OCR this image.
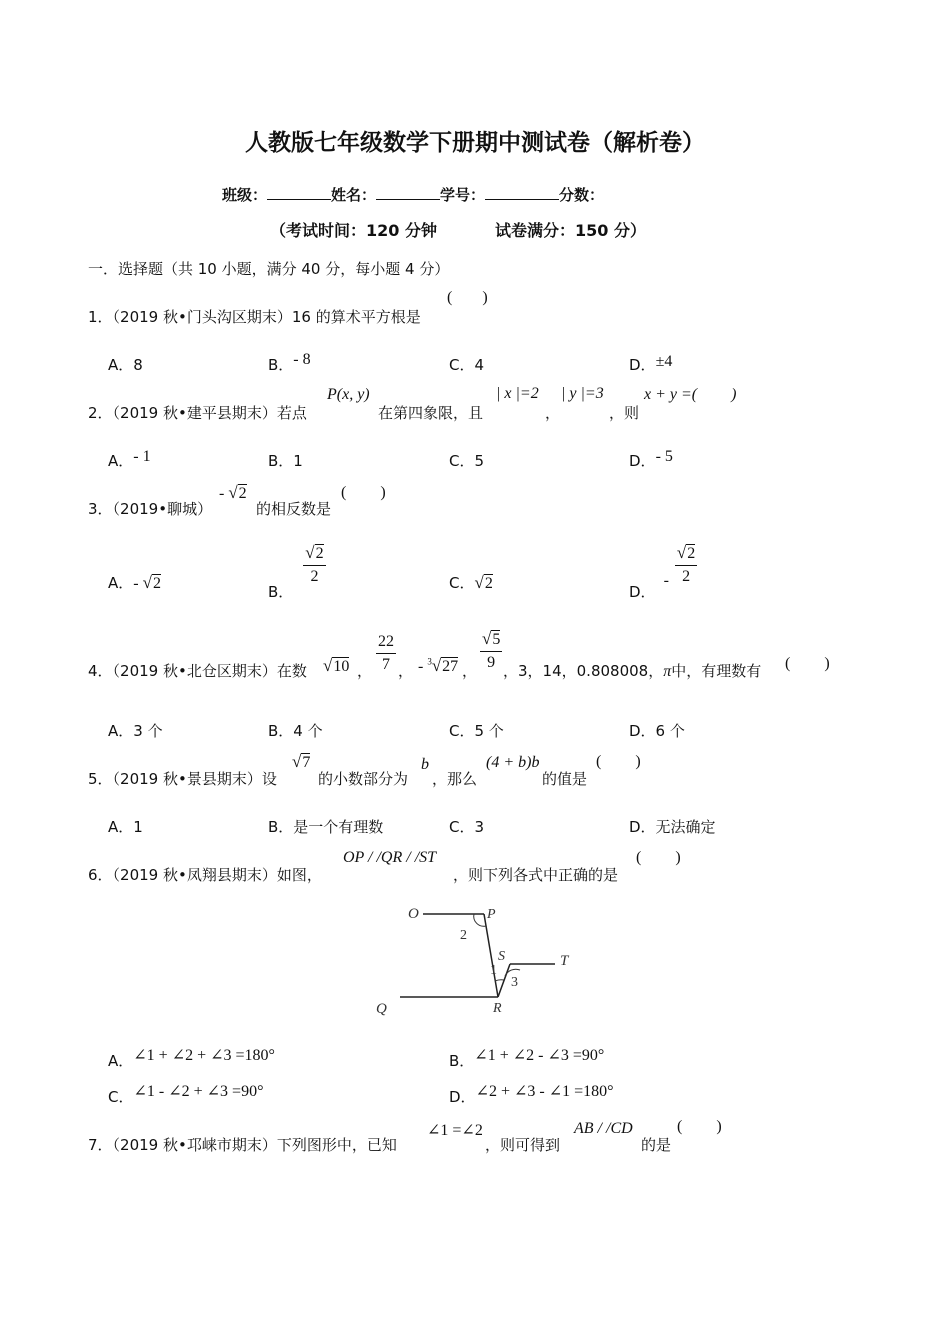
人教版七年级数学下册期中测试卷（解析卷）
班级：	姓名：	学号：	分数：
（考试时间：120 分钟	试卷满分：150 分）
一．选择题（共 10 小题，满分 40 分，每小题 4 分）
1．（2019 秋•门头沟区期末）16 的算术平方根是
( )
A．8	B．- 8	C．4	D．±4
2．（2019 秋•建平县期末）若点
P(x, y)
在第四象限，且
| x |=2
，
| y |=3
，则
x + y =( )
A．- 1	B．1	C．5	D．- 5
3．（2019•聊城）
- √2
的相反数是
( )
A．- √2	B．
$\frac{√2}{2}$	C．√2	D．- $\frac{√2}{2}$
4．（2019 秋•北仓区期末）在数 √10 ， $\frac{22}{7}$ ， - $^3$√27 ， $\frac{√5}{9}$ ，3，14，0.808008，π中，有理数有 ( )
A．3 个	B．4 个	C．5 个	D．6 个
5．（2019 秋•景县期末）设
√7
的小数部分为
b
，那么
(4 + b)b
的值是
( )
A．1	B．是一个有理数	C．3	D．无法确定
6．（2019 秋•凤翔县期末）如图，
OP / /QR / /ST
，则下列各式中正确的是
( )
O	P
2
S	T
1
3
R
Q
A．∠1 + ∠2 + ∠3 =180°	B．∠1 + ∠2 - ∠3 =90°
C．∠1 - ∠2 + ∠3 =90°	D．∠2 + ∠3 - ∠1 =180°
7．（2019 秋•邛崃市期末）下列图形中，已知
∠1 =∠2
，则可得到
AB / /CD
的是
( )
